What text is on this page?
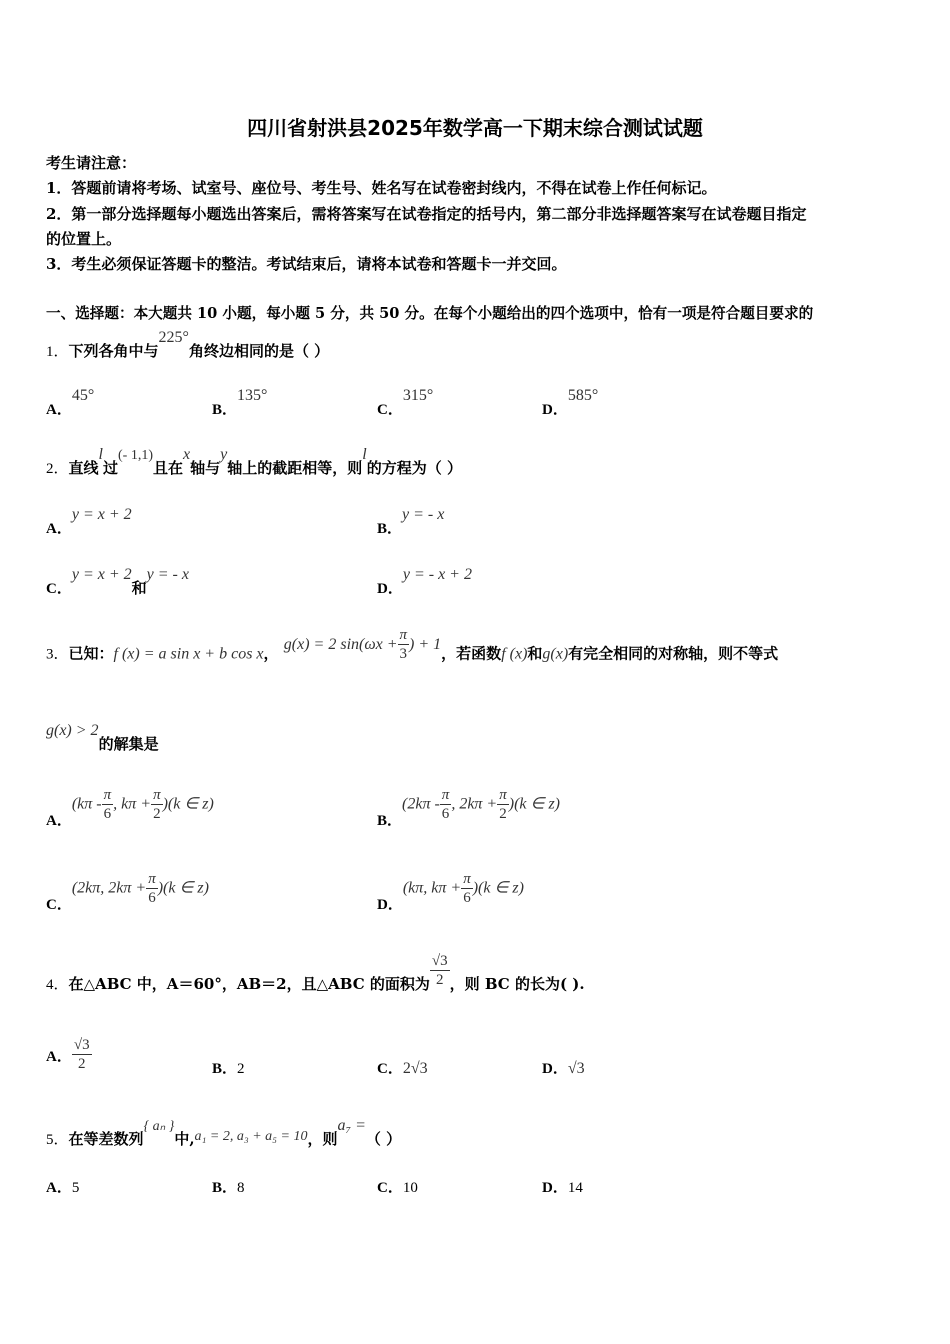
四川省射洪县2025年数学高一下期末综合测试试题
考生请注意：
1．答题前请将考场、试室号、座位号、考生号、姓名写在试卷密封线内，不得在试卷上作任何标记。
2．第一部分选择题每小题选出答案后，需将答案写在试卷指定的括号内，第二部分非选择题答案写在试卷题目指定
的位置上。
3．考生必须保证答题卡的整洁。考试结束后，请将本试卷和答题卡一并交回。
一、选择题：本大题共 10 小题，每小题 5 分，共 50 分。在每个小题给出的四个选项中，恰有一项是符合题目要求的
1．下列各角中与225°角终边相同的是（ ）
A．45°
B．135°
C．315°
D．585°
2．直线l过(- 1,1)且在x轴与y轴上的截距相等，则l的方程为（ ）
A．y = x + 2
B．y = - x
C．y = x + 2和y = - x
D．y = - x + 2
3．已知：f (x) = a sin x + b cos x， g(x) = 2 $\sin(\omega x + \frac{\pi}{3}$ ) + 1，若函数f (x)和g(x)有完全相同的对称轴，则不等式
g(x) > 2的解集是
A．($k\pi - \frac{\pi}{6}$ , $k\pi + \frac{\pi}{2} )(k$ ∈ z)
B．($2k\pi - \frac{\pi}{6}$ , $2k\pi + \frac{\pi}{2} )(k$ ∈ z)
C．(2kπ, $2k\pi + \frac{\pi}{6} )(k$ ∈ z)
D．(kπ, $k\pi + \frac{\pi}{6} )(k$ ∈ z)
4．在△ABC 中，A＝60°，AB＝2，且△ABC 的面积为 $\frac{√3}{2}$ ，则 BC 的长为( ).
A． $\frac{√3}{2}$	B．2	C．2√3	D．√3
5．在等差数列{ aₙ }中,a₁ = 2, a₃ + a₅ = 10，则a₇ =（ ）
A．5	B．8	C．10	D．14
